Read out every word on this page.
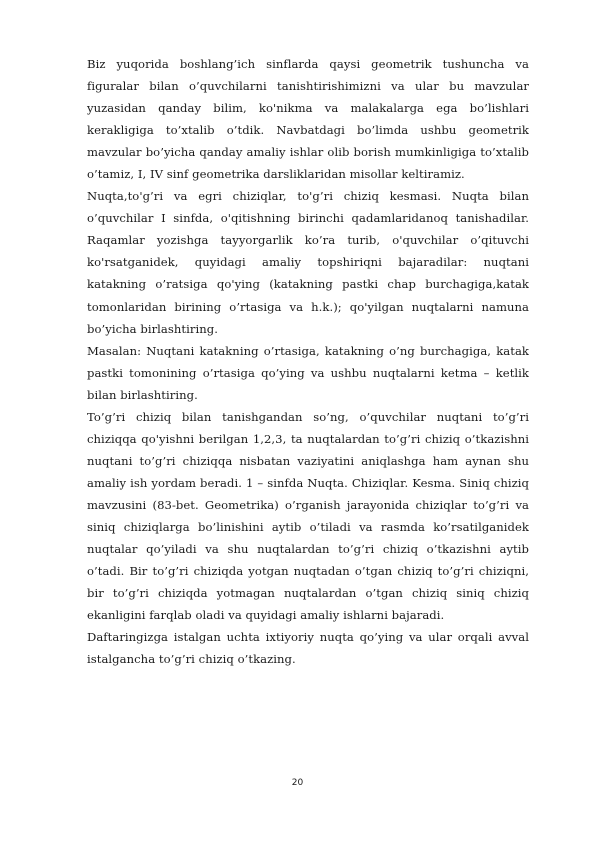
Biz yuqorida boshlang’ich sinflarda qaysi geometrik tushuncha va figuralar bilan o’quvchilarni tanishtirishimizni va ular bu mavzular yuzasidan qanday bilim, ko'nikma va malakalarga ega bo’lishlari kerakligiga to’xtalib o’tdik. Navbatdagi bo’limda ushbu geometrik mavzular bo’yicha qanday amaliy ishlar olib borish mumkinligiga to’xtalib o’tamiz, I, IV sinf geometrika darsliklaridan misollar keltiramiz.

Nuqta,to'g’ri va egri chiziqlar, to'g’ri chiziq kesmasi. Nuqta bilan o’quvchilar I sinfda, o'qitishning birinchi qadamlaridanoq tanishadilar. Raqamlar yozishga tayyorgarlik ko’ra turib, o'quvchilar o’qituvchi ko'rsatganidek, quyidagi amaliy topshiriqni bajaradilar: nuqtani katakning o’ratsiga qo'ying (katakning pastki chap burchagiga,katak tomonlaridan birining o’rtasiga va h.k.); qo'yilgan nuqtalarni namuna bo’yicha birlashtiring.

Masalan: Nuqtani katakning o’rtasiga, katakning o’ng burchagiga, katak pastki tomonining o’rtasiga qo’ying va ushbu nuqtalarni ketma – ketlik bilan birlashtiring.

To’g’ri chiziq bilan tanishgandan so’ng, o’quvchilar nuqtani to’g’ri chiziqqa qo'yishni berilgan 1,2,3, ta nuqtalardan to’g’ri chiziq o’tkazishni nuqtani to’g’ri chiziqqa nisbatan vaziyatini aniqlashga ham aynan shu amaliy ish yordam beradi. 1 – sinfda Nuqta. Chiziqlar. Kesma. Siniq chiziq mavzusini (83-bet. Geometrika) o’rganish jarayonida chiziqlar to’g’ri va siniq chiziqlarga bo’linishini aytib o’tiladi va rasmda ko’rsatilganidek nuqtalar qo’yiladi va shu nuqtalardan to’g’ri chiziq o’tkazishni aytib o’tadi. Bir to’g’ri chiziqda yotgan nuqtadan o’tgan chiziq to’g’ri chiziqni, bir to’g’ri chiziqda yotmagan nuqtalardan o’tgan chiziq siniq chiziq ekanligini farqlab oladi va quyidagi amaliy ishlarni bajaradi.

Daftaringizga istalgan uchta ixtiyoriy nuqta qo’ying va ular orqali avval istalgancha to’g’ri chiziq o’tkazing.

20
